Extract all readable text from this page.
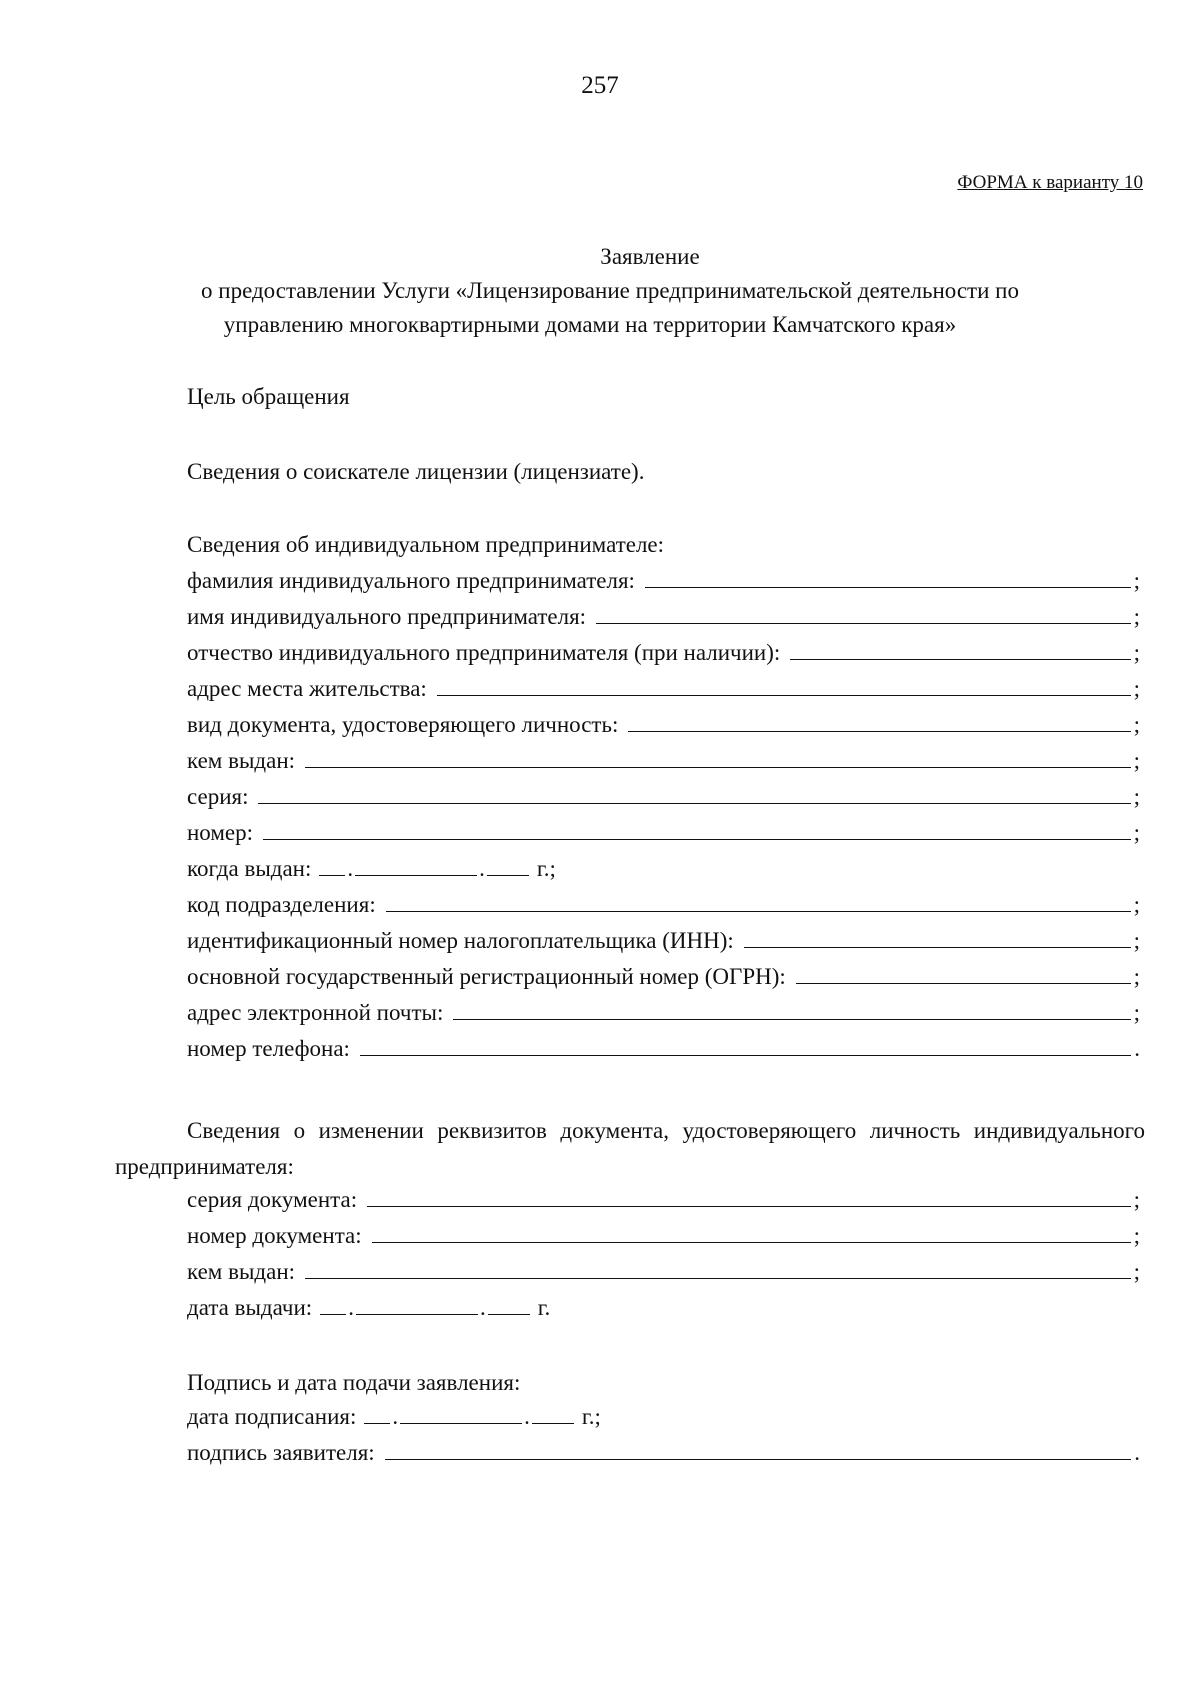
257
ФОРМА к варианту 10
Заявление
о предоставлении Услуги «Лицензирование предпринимательской деятельности по
управлению многоквартирными домами на территории Камчатского края»
Цель обращения
Сведения о соискателе лицензии (лицензиате).
Сведения об индивидуальном предпринимателе:
фамилия индивидуального предпринимателя:	;
имя индивидуального предпринимателя:	;
отчество индивидуального предпринимателя (при наличии):	;
адрес места жительства:	;
вид документа, удостоверяющего личность:	;
кем выдан:	;
серия:	;
номер:	;
когда выдан: .	. г.;
код подразделения:	;
идентификационный номер налогоплательщика (ИНН):	;
основной государственный регистрационный номер (ОГРН):	;
адрес электронной почты:	;
номер телефона:	.
Сведения о изменении реквизитов документа, удостоверяющего личность индивидуального предпринимателя:
серия документа:	;
номер документа:	;
кем выдан:	;
дата выдачи: .	. г.
Подпись и дата подачи заявления:
дата подписания: .	. г.;
подпись заявителя:	.
